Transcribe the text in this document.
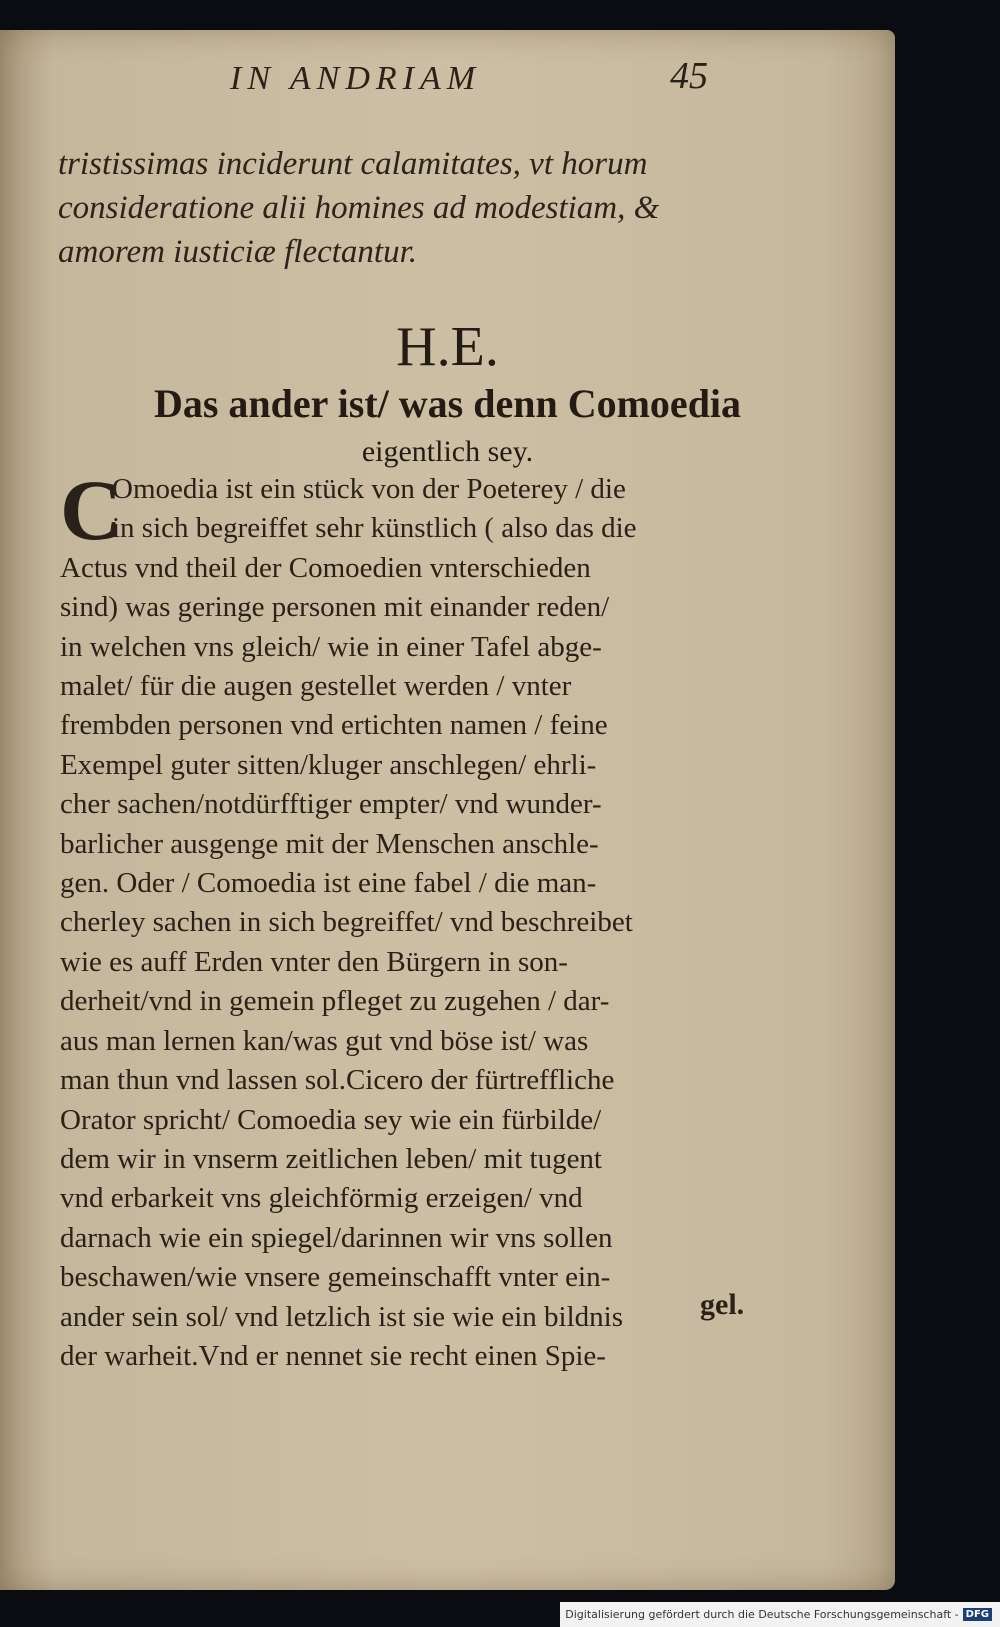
IN ANDRIAM	45
tristissimas inciderunt calamitates, vt horum
consideratione alii homines ad modestiam, &
amorem iusticiæ flectantur.
H.E.
Das ander ist/ was denn Comoedia
eigentlich sey.
C
Omoedia ist ein stück von der Poeterey / die
in sich begreiffet sehr künstlich ( also das die
Actus vnd theil der Comoedien vnterschieden
sind) was geringe personen mit einander reden/
in welchen vns gleich/ wie in einer Tafel abge-
malet/ für die augen gestellet werden / vnter
frembden personen vnd ertichten namen / feine
Exempel guter sitten/kluger anschlegen/ ehrli-
cher sachen/notdürfftiger empter/ vnd wunder-
barlicher ausgenge mit der Menschen anschle-
gen. Oder / Comoedia ist eine fabel / die man-
cherley sachen in sich begreiffet/ vnd beschreibet
wie es auff Erden vnter den Bürgern in son-
derheit/vnd in gemein pfleget zu zugehen / dar-
aus man lernen kan/was gut vnd böse ist/ was
man thun vnd lassen sol.Cicero der fürtreffliche
Orator spricht/ Comoedia sey wie ein fürbilde/
dem wir in vnserm zeitlichen leben/ mit tugent
vnd erbarkeit vns gleichförmig erzeigen/ vnd
darnach wie ein spiegel/darinnen wir vns sollen
beschawen/wie vnsere gemeinschafft vnter ein-
ander sein sol/ vnd letzlich ist sie wie ein bildnis
der warheit.Vnd er nennet sie recht einen Spie-
gel.
Digitalisierung gefördert durch die Deutsche Forschungsgemeinschaft - DFG
